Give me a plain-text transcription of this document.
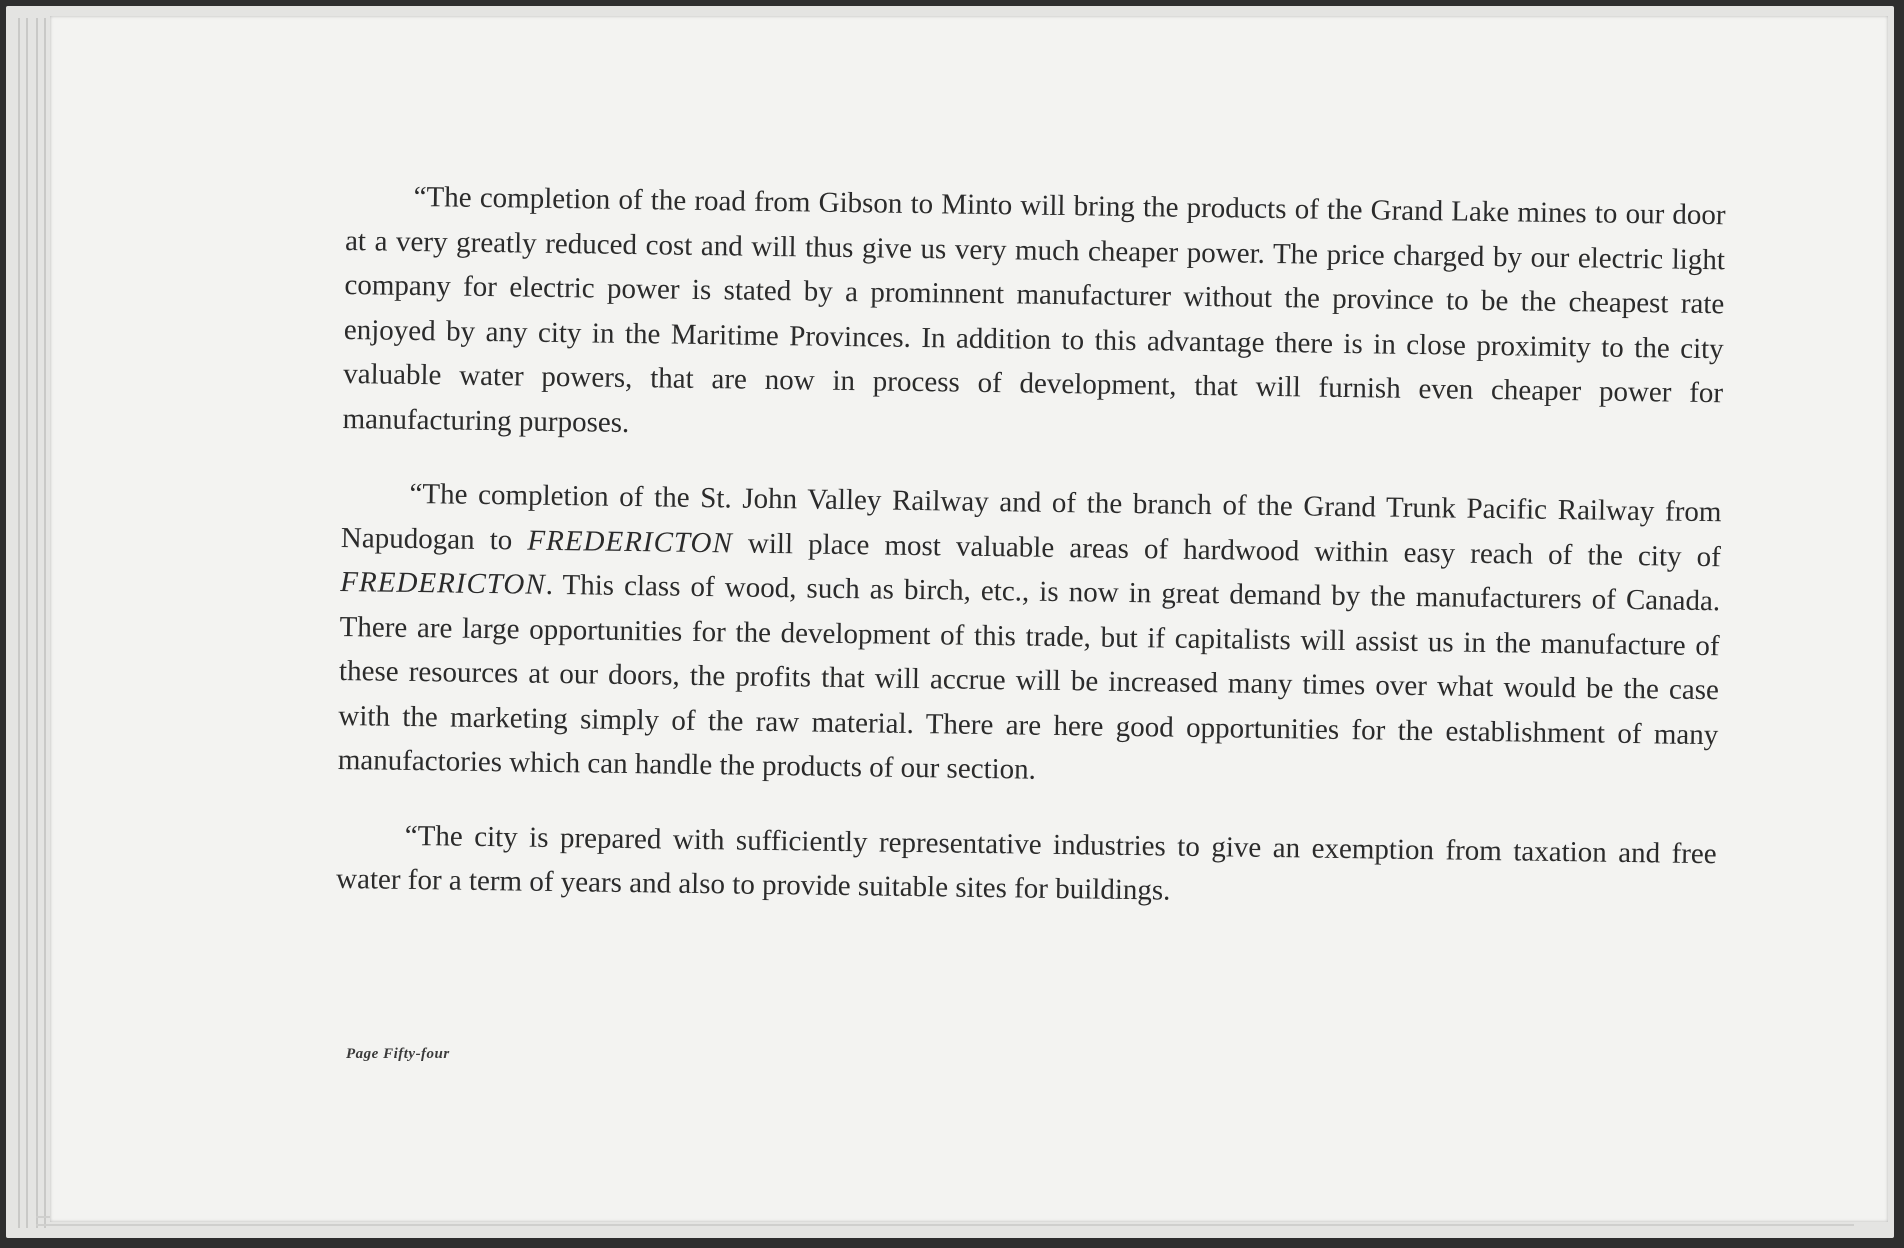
“The completion of the road from Gibson to Minto will bring the products of the Grand Lake mines to our door at a very greatly reduced cost and will thus give us very much cheaper power. The price charged by our electric light company for electric power is stated by a prominnent manufacturer without the province to be the cheapest rate enjoyed by any city in the Maritime Provinces. In addition to this advantage there is in close proximity to the city valuable water powers, that are now in process of development, that will furnish even cheaper power for manufacturing purposes.

“The completion of the St. John Valley Railway and of the branch of the Grand Trunk Pacific Railway from Napudogan to FREDERICTON will place most valuable areas of hardwood within easy reach of the city of FREDERICTON. This class of wood, such as birch, etc., is now in great demand by the manufacturers of Canada. There are large opportunities for the development of this trade, but if capitalists will assist us in the manufacture of these resources at our doors, the profits that will accrue will be increased many times over what would be the case with the marketing simply of the raw material. There are here good opportunities for the establishment of many manufactories which can handle the products of our section.

“The city is prepared with sufficiently representative industries to give an exemption from taxation and free water for a term of years and also to provide suitable sites for buildings.

Page Fifty-four
